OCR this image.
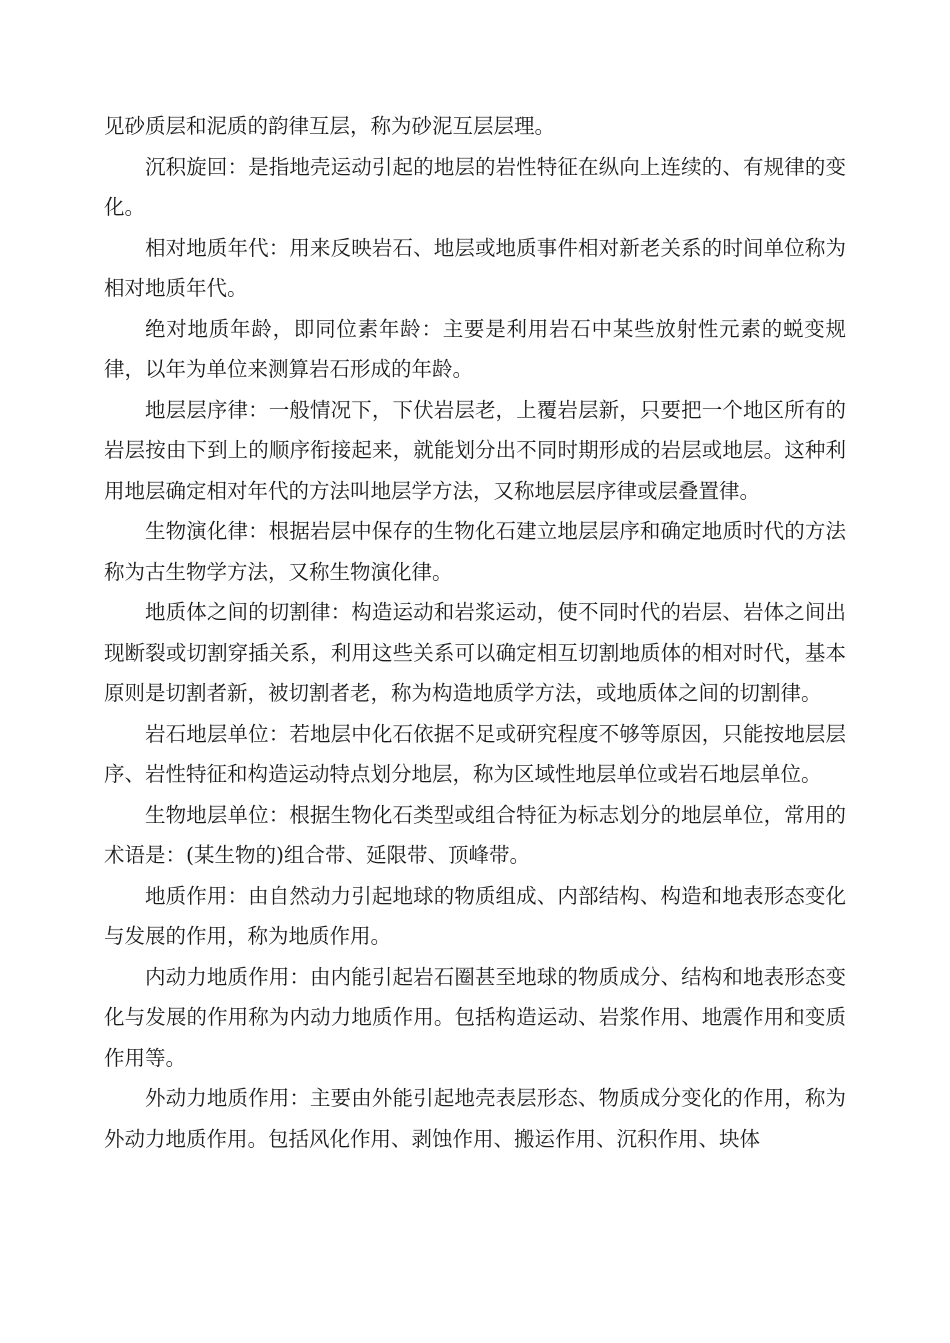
见砂质层和泥质的韵律互层，称为砂泥互层层理。

沉积旋回：是指地壳运动引起的地层的岩性特征在纵向上连续的、有规律的变化。

相对地质年代：用来反映岩石、地层或地质事件相对新老关系的时间单位称为相对地质年代。

绝对地质年龄，即同位素年龄：主要是利用岩石中某些放射性元素的蜕变规律，以年为单位来测算岩石形成的年龄。

地层层序律：一般情况下，下伏岩层老，上覆岩层新，只要把一个地区所有的岩层按由下到上的顺序衔接起来，就能划分出不同时期形成的岩层或地层。这种利用地层确定相对年代的方法叫地层学方法，又称地层层序律或层叠置律。

生物演化律：根据岩层中保存的生物化石建立地层层序和确定地质时代的方法称为古生物学方法，又称生物演化律。

地质体之间的切割律：构造运动和岩浆运动，使不同时代的岩层、岩体之间出现断裂或切割穿插关系，利用这些关系可以确定相互切割地质体的相对时代，基本原则是切割者新，被切割者老，称为构造地质学方法，或地质体之间的切割律。

岩石地层单位：若地层中化石依据不足或研究程度不够等原因，只能按地层层序、岩性特征和构造运动特点划分地层，称为区域性地层单位或岩石地层单位。

生物地层单位：根据生物化石类型或组合特征为标志划分的地层单位，常用的术语是：(某生物的)组合带、延限带、顶峰带。

地质作用：由自然动力引起地球的物质组成、内部结构、构造和地表形态变化与发展的作用，称为地质作用。

内动力地质作用：由内能引起岩石圈甚至地球的物质成分、结构和地表形态变化与发展的作用称为内动力地质作用。包括构造运动、岩浆作用、地震作用和变质作用等。

外动力地质作用：主要由外能引起地壳表层形态、物质成分变化的作用，称为外动力地质作用。包括风化作用、剥蚀作用、搬运作用、沉积作用、块体
